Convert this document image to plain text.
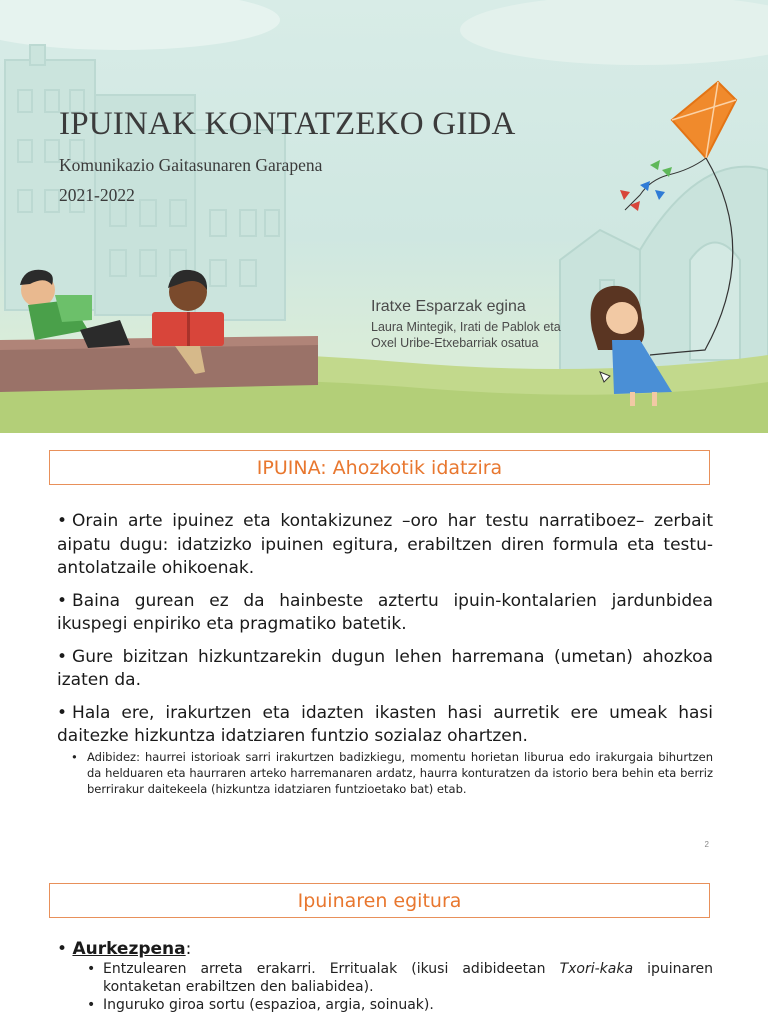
IPUINAK KONTATZEKO GIDA
Komunikazio Gaitasunaren Garapena
2021-2022
Iratxe Esparzak egina
Laura Mintegik, Irati de Pablok eta Oxel Uribe-Etxebarriak osatua
IPUINA: Ahozkotik idatzira
• Orain arte ipuinez eta kontakizunez –oro har testu narratiboez– zerbait aipatu dugu: idatzizko ipuinen egitura, erabiltzen diren formula eta testu-antolatzaile ohikoenak.
• Baina gurean ez da hainbeste aztertu ipuin-kontalarien jardunbidea ikuspegi enpiriko eta pragmatiko batetik.
• Gure bizitzan hizkuntzarekin dugun lehen harremana (umetan) ahozkoa izaten da.
• Hala ere, irakurtzen eta idazten ikasten hasi aurretik ere umeak hasi daitezke hizkuntza idatziaren funtzio sozialaz ohartzen.
• Adibidez: haurrei istorioak sarri irakurtzen badizkiegu, momentu horietan liburua edo irakurgaia bihurtzen da helduaren eta haurraren arteko harremanaren ardatz, haurra konturatzen da istorio bera behin eta berriz berrirakur daitekeela (hizkuntza idatziaren funtzioetako bat) etab.
2
Ipuinaren egitura
• Aurkezpena:
• Entzulearen arreta erakarri. Erritualak (ikusi adibideetan Txori-kaka ipuinaren kontaketan erabiltzen den baliabidea).
• Inguruko giroa sortu (espazioa, argia, soinuak).
